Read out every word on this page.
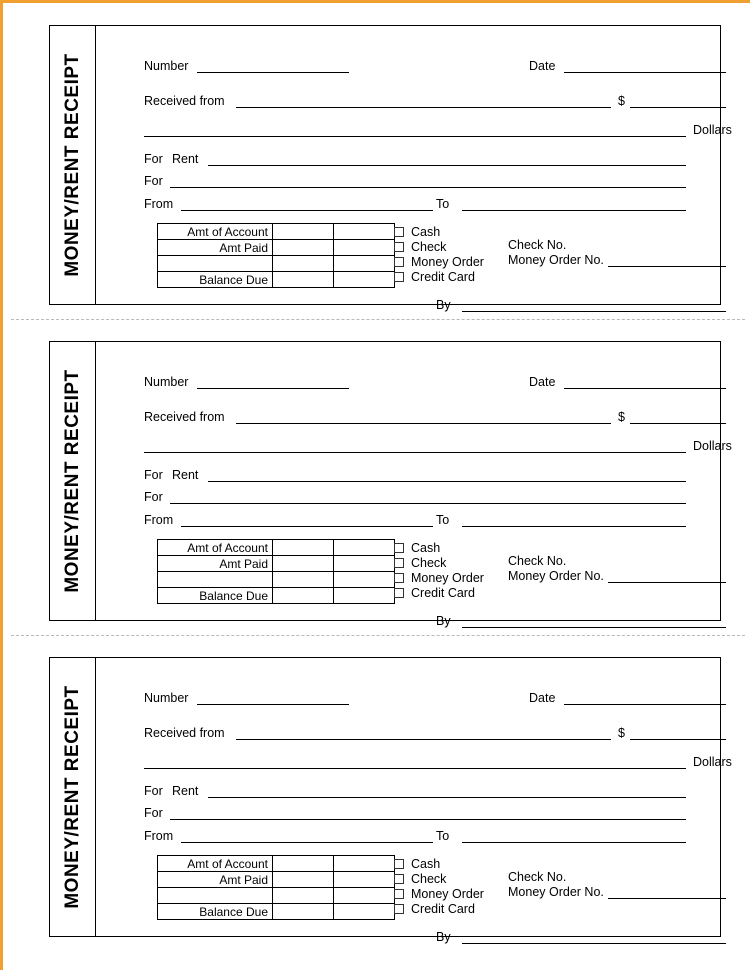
MONEY/RENT RECEIPT	Number	Date
Received from	$
Dollars
For Rent
For
From	To
Amt of Account		
Amt Paid		

Balance Due		
Cash
Check
Money Order
Credit Card
Check No.
Money Order No.
By
MONEY/RENT RECEIPT	Number	Date
Received from	$
Dollars
For Rent
For
From	To
Amt of Account		
Amt Paid		

Balance Due		
Cash
Check
Money Order
Credit Card
Check No.
Money Order No.
By
MONEY/RENT RECEIPT	Number	Date
Received from	$
Dollars
For Rent
For
From	To
Amt of Account		
Amt Paid		

Balance Due		
Cash
Check
Money Order
Credit Card
Check No.
Money Order No.
By
